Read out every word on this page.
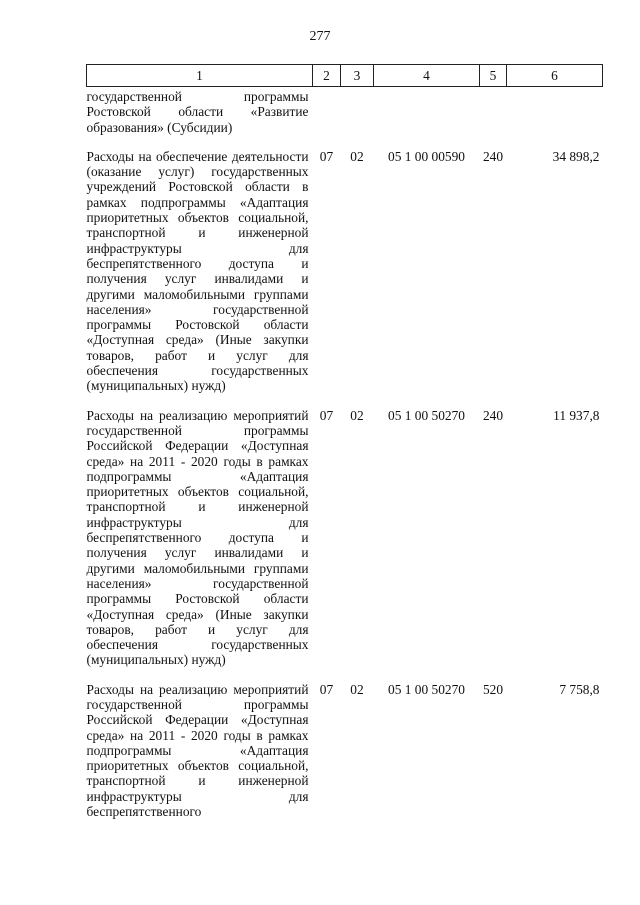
277
1	2	3	4	5	6
государственной программы Ростовской области «Развитие образования» (Субсидии)					
Расходы на обеспечение деятельности (оказание услуг) государственных учреждений Ростовской области в рамках подпрограммы «Адаптация приоритетных объектов социальной, транспортной и инженерной инфраструктуры для беспрепятственного доступа и получения услуг инвалидами и другими маломобильными группами населения» государственной программы Ростовской области «Доступная среда» (Иные закупки товаров, работ и услуг для обеспечения государственных (муниципальных) нужд)	07	02	05 1 00 00590	240	34 898,2
Расходы на реализацию мероприятий государственной программы Российской Федерации «Доступная среда» на 2011 - 2020 годы в рамках подпрограммы «Адаптация приоритетных объектов социальной, транспортной и инженерной инфраструктуры для беспрепятственного доступа и получения услуг инвалидами и другими маломобильными группами населения» государственной программы Ростовской области «Доступная среда» (Иные закупки товаров, работ и услуг для обеспечения государственных (муниципальных) нужд)	07	02	05 1 00 50270	240	11 937,8
Расходы на реализацию мероприятий государственной программы Российской Федерации «Доступная среда» на 2011 - 2020 годы в рамках подпрограммы «Адаптация приоритетных объектов социальной, транспортной и инженерной инфраструктуры для беспрепятственного	07	02	05 1 00 50270	520	7 758,8
